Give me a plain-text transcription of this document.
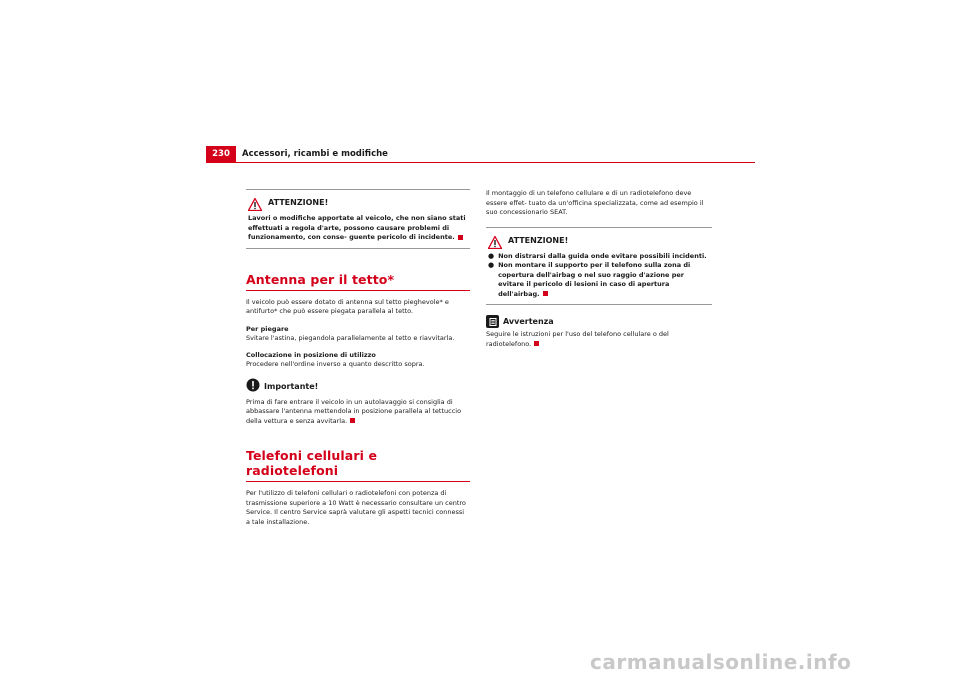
230	Accessori, ricambi e modifiche
ATTENZIONE!

Lavori o modifiche apportate al veicolo, che non siano stati effettuati a regola d'arte, possono causare problemi di funzionamento, con conse- guente pericolo di incidente.

Antenna per il tetto*

Il veicolo può essere dotato di antenna sul tetto pieghevole* e antifurto* che può essere piegata parallela al tetto.

Per piegare

Svitare l'astina, piegandola parallelamente al tetto e riavvitarla.

Collocazione in posizione di utilizzo

Procedere nell'ordine inverso a quanto descritto sopra.

Importante!

Prima di fare entrare il veicolo in un autolavaggio si consiglia di abbassare l'antenna mettendola in posizione parallela al tettuccio della vettura e senza avvitarla.

Telefoni cellulari e radiotelefoni

Per l'utilizzo di telefoni cellulari o radiotelefoni con potenza di trasmissione superiore a 10 Watt è necessario consultare un centro Service. Il centro Service saprà valutare gli aspetti tecnici connessi a tale installazione.

Il montaggio di un telefono cellulare e di un radiotelefono deve essere effet- tuato da un'officina specializzata, come ad esempio il suo concessionario SEAT.

ATTENZIONE!
● Non distrarsi dalla guida onde evitare possibili incidenti.
● Non montare il supporto per il telefono sulla zona di copertura dell'airbag o nel suo raggio d'azione per evitare il pericolo di lesioni in caso di apertura dell'airbag.
Avvertenza

Seguire le istruzioni per l'uso del telefono cellulare o del radiotelefono.

carmanualsonline.info
